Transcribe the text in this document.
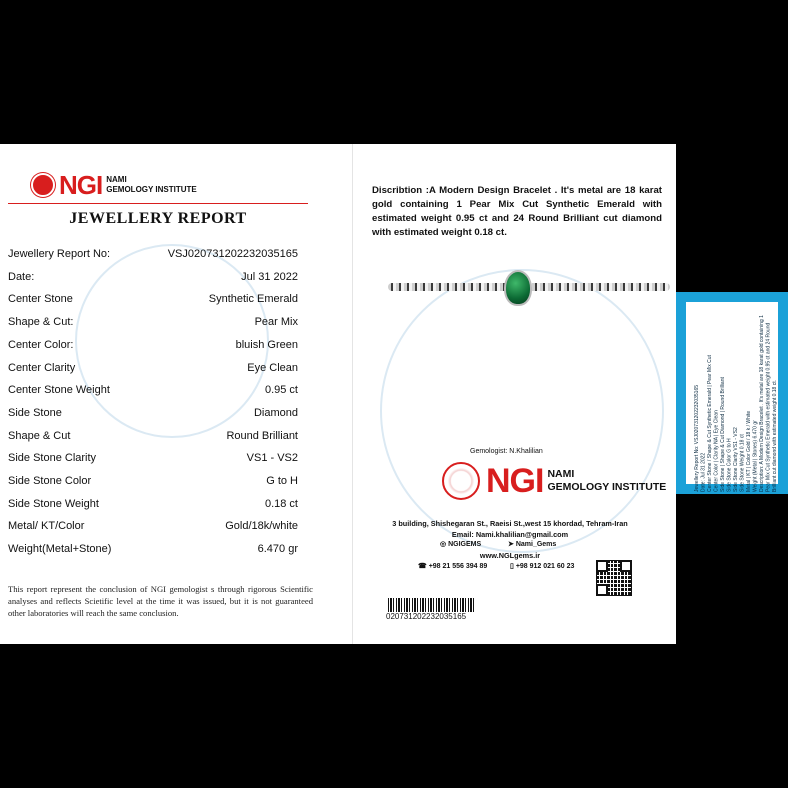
NGI NAMI
GEMOLOGY INSTITUTE
JEWELLERY REPORT
Jewellery Report No:	VSJ020731202232035165
Date:	Jul 31 2022
Center Stone	Synthetic Emerald
Shape & Cut:	Pear Mix
Center Color:	bluish Green
Center Clarity	Eye Clean
Center Stone Weight	0.95 ct
Side Stone	Diamond
Shape & Cut	Round Brilliant
Side Stone Clarity	VS1 - VS2
Side Stone Color	G to H
Side Stone Weight	0.18 ct
Metal/ KT/Color	Gold/18k/white
Weight(Metal+Stone)	6.470 gr
This report represent the conclusion of NGI gemologist s through rigorous Scientific analyses and reflects Scietific level at the time it was issued, but it is not guaranteed other laboratories will reach the same conclusion.
Discribtion :A Modern Design Bracelet . It's metal are 18 karat gold containing 1 Pear Mix Cut Synthetic Emerald with estimated weight 0.95 ct and 24 Round Brilliant cut diamond with estimated weight 0.18 ct.
Gemologist: N.Khalilian
NGI NAMI
GEMOLOGY INSTITUTE
3 building, Shishegaran St., Raeisi St.,west 15 khordad, Tehram-Iran
Email: Nami.khalilian@gmail.com
◎ NGIGEMS	➤ Nami_Gems
www.NGLgems.ir
☎ +98 21 556 394 89	▯ +98 912 021 60 23
020731202232035165
Jewellery Report No: VSJ020731202232035165 Date: Jul 31 2022 Center Stone / Shape & Cut Synthetic Emerald | Pear Mix Cut Center Color | Clarity NA | Eye Clean Side Stone | Shape & Cut Diamond | Round Brilliant Side Stone Color G to H Side Stone Clarity VS1 - VS2 Side Stone Weight 0.18 ct Metal | KT | Color Gold / 18 k / White Weight (Metal | Stones) 6.470 gr Description: A Modern Design Bracelet . It's metal are 18 karat gold containing 1 Pear Mix Cut Synthetic Emerald with estimated weight 0.95 ct and 24 Round Brilliant cut diamond with estimated weight 0.18 ct.
NGI
